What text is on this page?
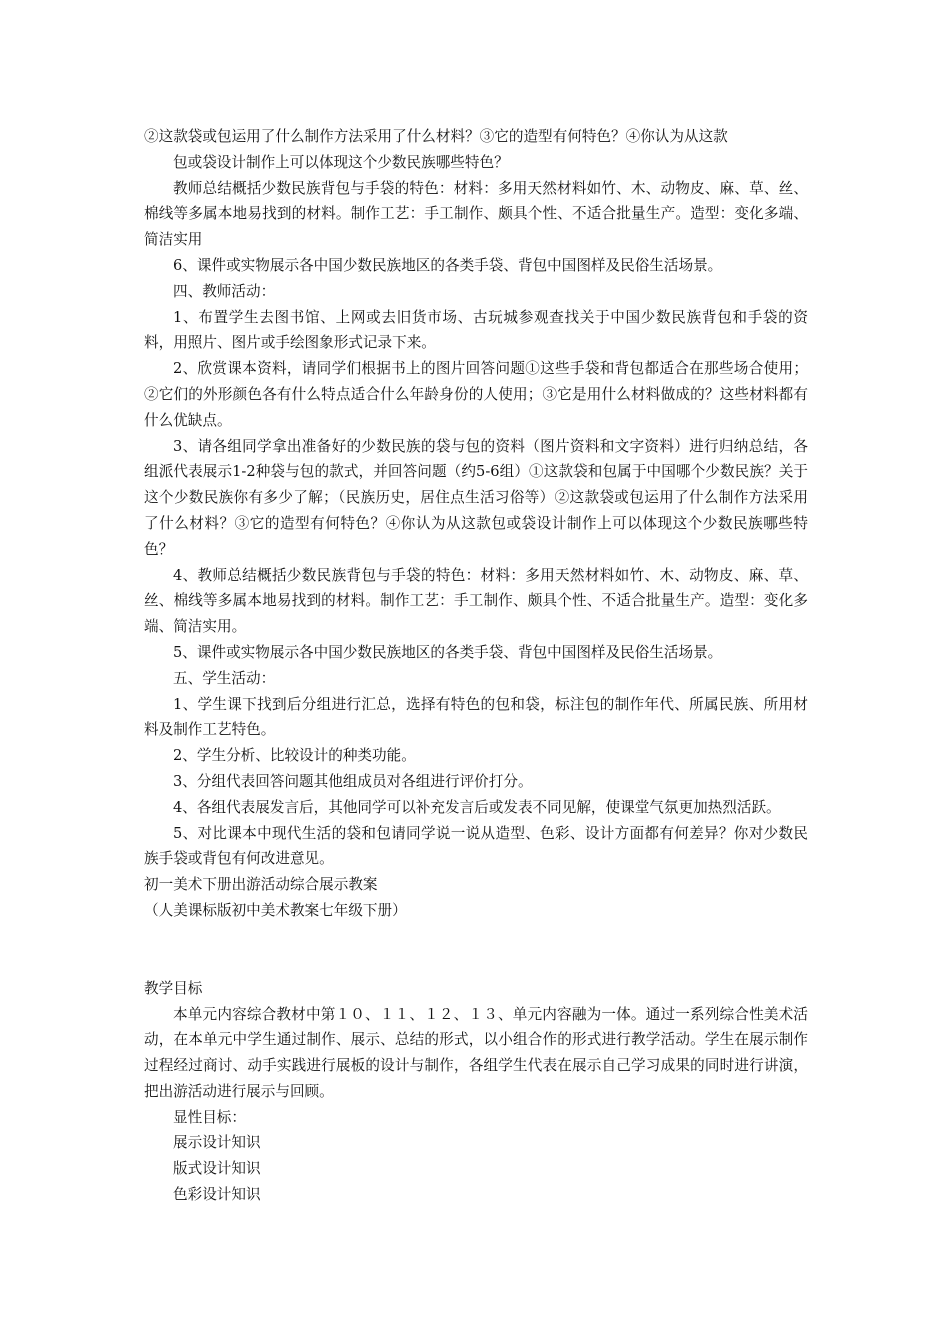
②这款袋或包运用了什么制作方法采用了什么材料？③它的造型有何特色？④你认为从这款

包或袋设计制作上可以体现这个少数民族哪些特色？

教师总结概括少数民族背包与手袋的特色：材料：多用天然材料如竹、木、动物皮、麻、草、丝、棉线等多属本地易找到的材料。制作工艺：手工制作、颇具个性、不适合批量生产。造型：变化多端、简洁实用

6、课件或实物展示各中国少数民族地区的各类手袋、背包中国图样及民俗生活场景。

四、教师活动：

1、布置学生去图书馆、上网或去旧货市场、古玩城参观查找关于中国少数民族背包和手袋的资料，用照片、图片或手绘图象形式记录下来。

2、欣赏课本资料，请同学们根据书上的图片回答问题①这些手袋和背包都适合在那些场合使用；②它们的外形颜色各有什么特点适合什么年龄身份的人使用；③它是用什么材料做成的？这些材料都有什么优缺点。

3、请各组同学拿出准备好的少数民族的袋与包的资料（图片资料和文字资料）进行归纳总结，各组派代表展示1-2种袋与包的款式，并回答问题（约5-6组）①这款袋和包属于中国哪个少数民族？关于这个少数民族你有多少了解；（民族历史，居住点生活习俗等）②这款袋或包运用了什么制作方法采用了什么材料？③它的造型有何特色？④你认为从这款包或袋设计制作上可以体现这个少数民族哪些特色？

4、教师总结概括少数民族背包与手袋的特色：材料：多用天然材料如竹、木、动物皮、麻、草、丝、棉线等多属本地易找到的材料。制作工艺：手工制作、颇具个性、不适合批量生产。造型：变化多端、简洁实用。

5、课件或实物展示各中国少数民族地区的各类手袋、背包中国图样及民俗生活场景。

五、学生活动：

1、学生课下找到后分组进行汇总，选择有特色的包和袋，标注包的制作年代、所属民族、所用材料及制作工艺特色。

2、学生分析、比较设计的种类功能。

3、分组代表回答问题其他组成员对各组进行评价打分。

4、各组代表展发言后，其他同学可以补充发言后或发表不同见解，使课堂气氛更加热烈活跃。

5、对比课本中现代生活的袋和包请同学说一说从造型、色彩、设计方面都有何差异？你对少数民族手袋或背包有何改进意见。

初一美术下册出游活动综合展示教案

（人美课标版初中美术教案七年级下册）

教学目标

本单元内容综合教材中第１０、１１、１２、１３、单元内容融为一体。通过一系列综合性美术活动，在本单元中学生通过制作、展示、总结的形式，以小组合作的形式进行教学活动。学生在展示制作过程经过商讨、动手实践进行展板的设计与制作，各组学生代表在展示自己学习成果的同时进行讲演，把出游活动进行展示与回顾。

显性目标：

展示设计知识

版式设计知识

色彩设计知识
